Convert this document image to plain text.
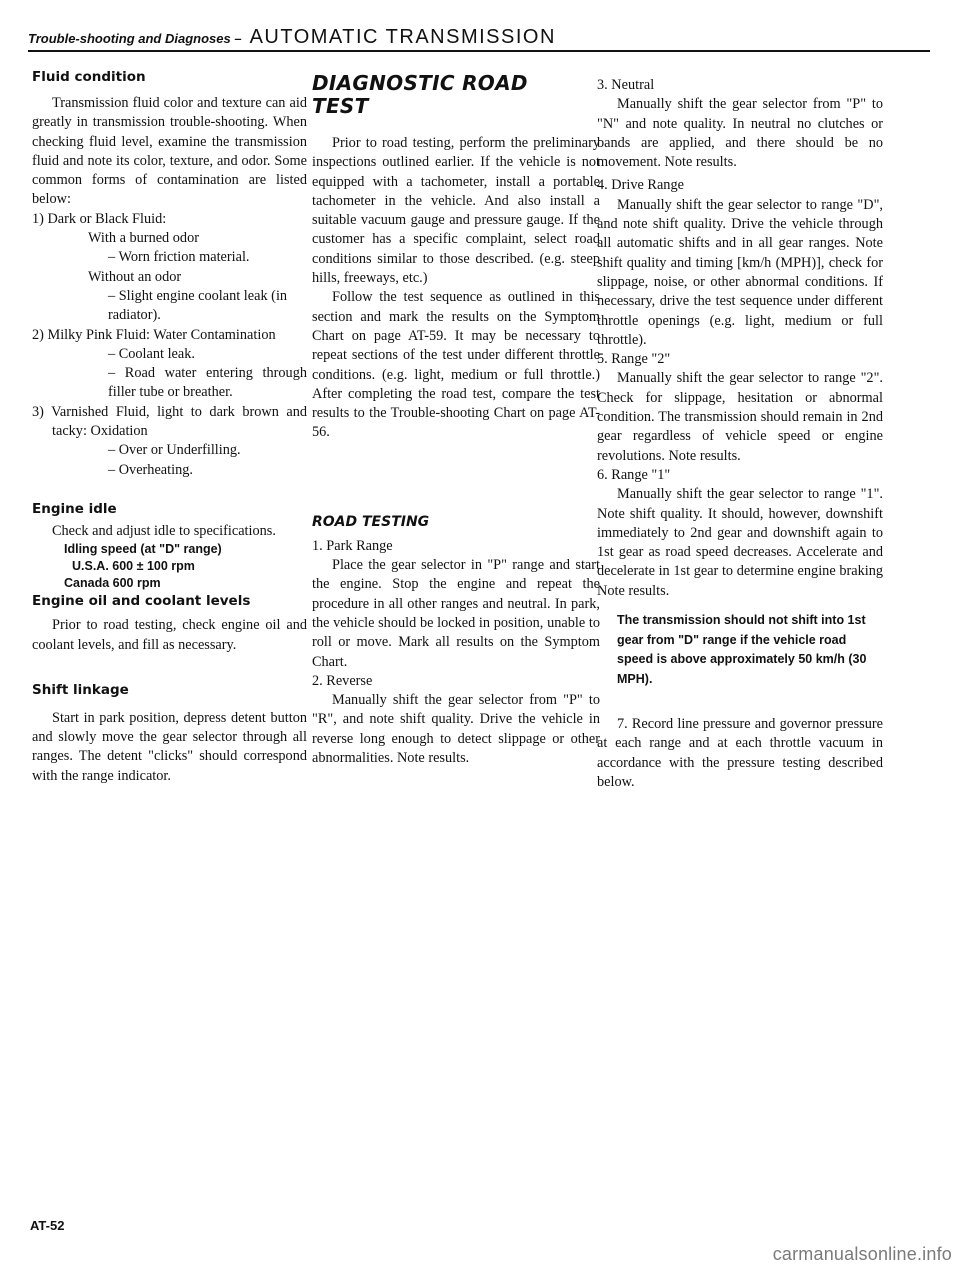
Trouble-shooting and Diagnoses – AUTOMATIC TRANSMISSION
Fluid condition

Transmission fluid color and texture can aid greatly in transmission trouble-shooting. When checking fluid level, examine the transmission fluid and note its color, texture, and odor. Some common forms of contamination are listed below:

1) Dark or Black Fluid:
With a burned odor
– Worn friction material.
Without an odor
– Slight engine coolant leak (in radiator).
2) Milky Pink Fluid: Water Contamination
– Coolant leak.
– Road water entering through filler tube or breather.
3) Varnished Fluid, light to dark brown and tacky: Oxidation
– Over or Underfilling.
– Overheating.
Engine idle

Check and adjust idle to specifications.

Idling speed (at "D" range)
U.S.A. 600 ± 100 rpm
Canada 600 rpm
Engine oil and coolant levels

Prior to road testing, check engine oil and coolant levels, and fill as necessary.

Shift linkage

Start in park position, depress detent button and slowly move the gear selector through all ranges. The detent "clicks" should correspond with the range indicator.

DIAGNOSTIC ROAD TEST

Prior to road testing, perform the preliminary inspections outlined earlier. If the vehicle is not equipped with a tachometer, install a portable tachometer in the vehicle. And also install a suitable vacuum gauge and pressure gauge. If the customer has a specific complaint, select road conditions similar to those described. (e.g. steep hills, freeways, etc.)

Follow the test sequence as outlined in this section and mark the results on the Symptom Chart on page AT-59. It may be necessary to repeat sections of the test under different throttle conditions. (e.g. light, medium or full throttle.) After completing the road test, compare the test results to the Trouble-shooting Chart on page AT-56.

ROAD TESTING
1. Park Range

Place the gear selector in "P" range and start the engine. Stop the engine and repeat the procedure in all other ranges and neutral. In park, the vehicle should be locked in position, unable to roll or move. Mark all results on the Symptom Chart.

2. Reverse

Manually shift the gear selector from "P" to "R", and note shift quality. Drive the vehicle in reverse long enough to detect slippage or other abnormalities. Note results.

3. Neutral

Manually shift the gear selector from "P" to "N" and note quality. In neutral no clutches or bands are applied, and there should be no movement. Note results.

4. Drive Range

Manually shift the gear selector to range "D", and note shift quality. Drive the vehicle through all automatic shifts and in all gear ranges. Note shift quality and timing [km/h (MPH)], check for slippage, noise, or other abnormal conditions. If necessary, drive the test sequence under different throttle openings (e.g. light, medium or full throttle).

5. Range "2"

Manually shift the gear selector to range "2". Check for slippage, hesitation or abnormal condition. The transmission should remain in 2nd gear regardless of vehicle speed or engine revolutions. Note results.

6. Range "1"

Manually shift the gear selector to range "1". Note shift quality. It should, however, downshift immediately to 2nd gear and downshift again to 1st gear as road speed decreases. Accelerate and decelerate in 1st gear to determine engine braking Note results.

The transmission should not shift into 1st gear from "D" range if the vehicle road speed is above approximately 50 km/h (30 MPH).

7. Record line pressure and governor pressure at each range and at each throttle vacuum in accordance with the pressure testing described below.

AT-52
carmanualsonline.info
